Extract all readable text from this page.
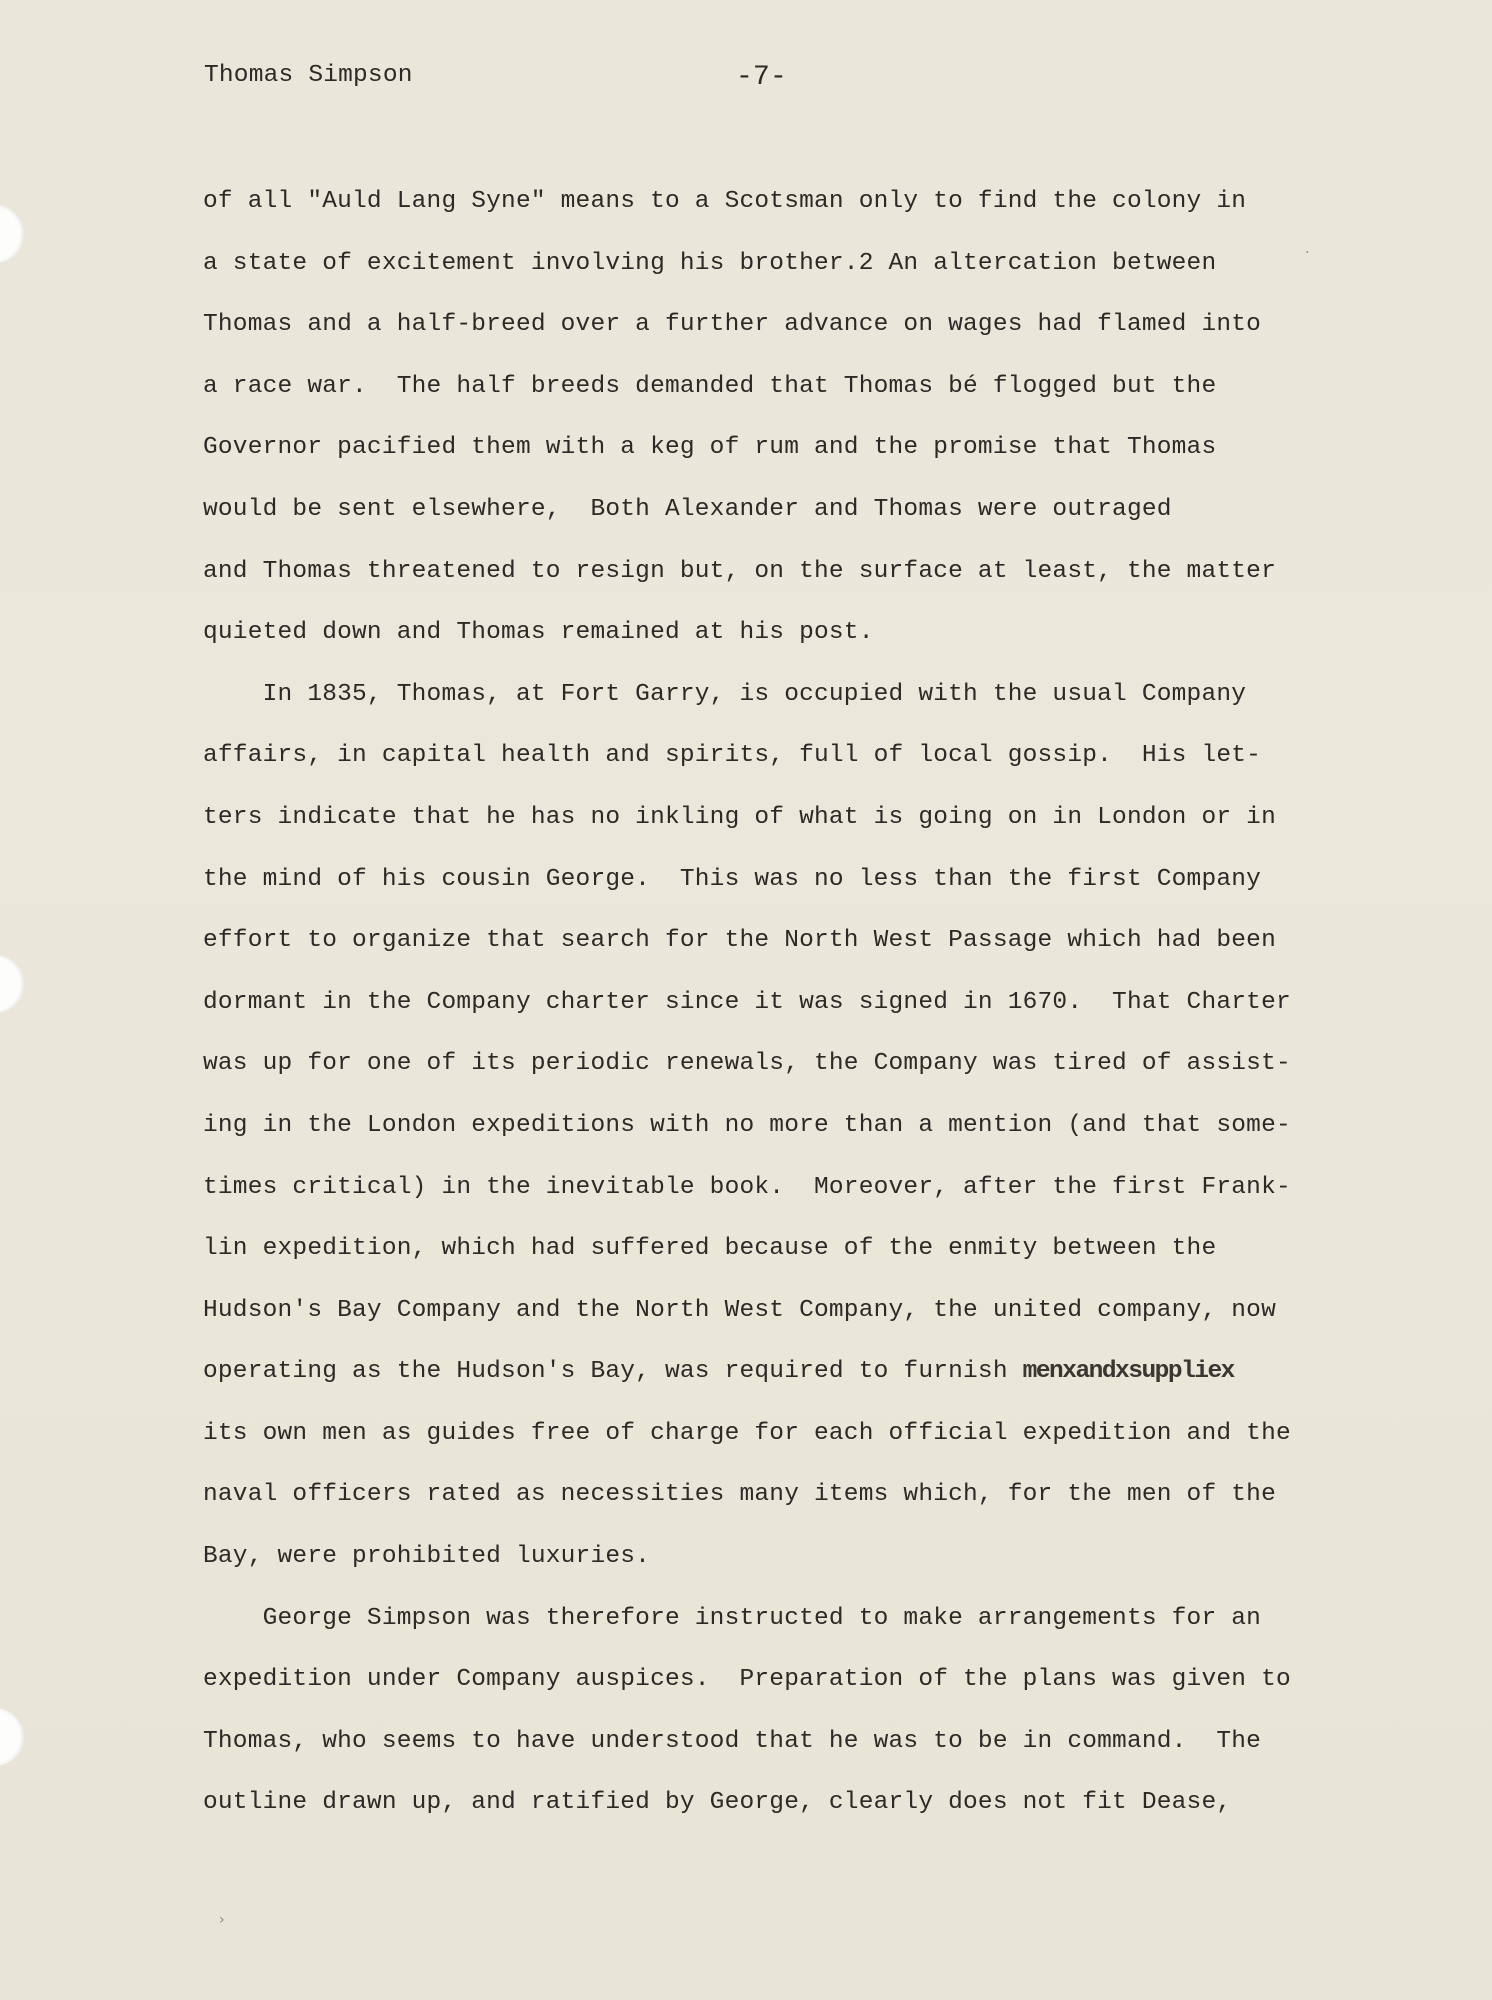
Thomas Simpson	-7-
of all "Auld Lang Syne" means to a Scotsman only to find the colony in
a state of excitement involving his brother.2 An altercation between
Thomas and a half-breed over a further advance on wages had flamed into
a race war.  The half breeds demanded that Thomas bé flogged but the
Governor pacified them with a keg of rum and the promise that Thomas
would be sent elsewhere,  Both Alexander and Thomas were outraged
and Thomas threatened to resign but, on the surface at least, the matter
quieted down and Thomas remained at his post.
In 1835, Thomas, at Fort Garry, is occupied with the usual Company
affairs, in capital health and spirits, full of local gossip.  His let-
ters indicate that he has no inkling of what is going on in London or in
the mind of his cousin George.  This was no less than the first Company
effort to organize that search for the North West Passage which had been
dormant in the Company charter since it was signed in 1670.  That Charter
was up for one of its periodic renewals, the Company was tired of assist-
ing in the London expeditions with no more than a mention (and that some-
times critical) in the inevitable book.  Moreover, after the first Frank-
lin expedition, which had suffered because of the enmity between the
Hudson's Bay Company and the North West Company, the united company, now
operating as the Hudson's Bay, was required to furnish menxandxsuppliex
its own men as guides free of charge for each official expedition and the
naval officers rated as necessities many items which, for the men of the
Bay, were prohibited luxuries.
George Simpson was therefore instructed to make arrangements for an
expedition under Company auspices.  Preparation of the plans was given to
Thomas, who seems to have understood that he was to be in command.  The
outline drawn up, and ratified by George, clearly does not fit Dease,
·
›
